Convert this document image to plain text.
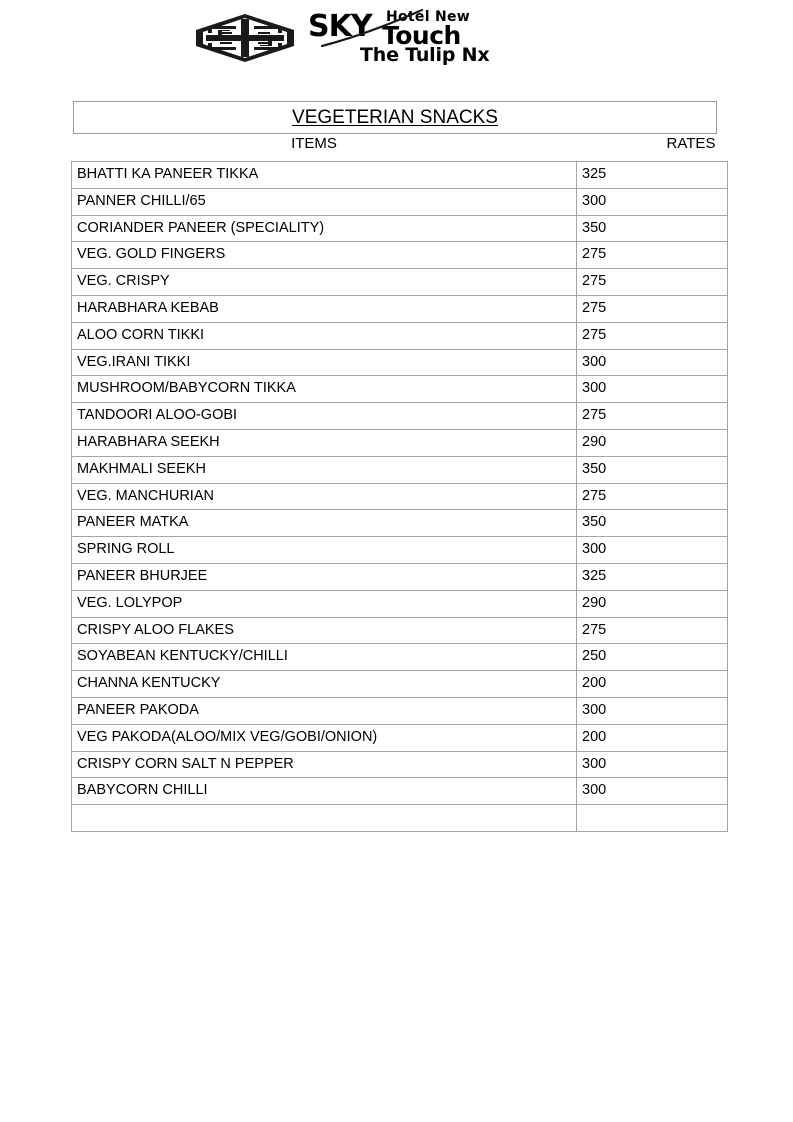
SKY Hotel New
Touch
The Tulip Nx
VEGETERIAN SNACKS
ITEMS	RATES
BHATTI KA PANEER TIKKA	325
PANNER CHILLI/65	300
CORIANDER PANEER (SPECIALITY)	350
VEG. GOLD FINGERS	275
VEG. CRISPY	275
HARABHARA KEBAB	275
ALOO CORN TIKKI	275
VEG.IRANI TIKKI	300
MUSHROOM/BABYCORN TIKKA	300
TANDOORI ALOO-GOBI	275
HARABHARA SEEKH	290
MAKHMALI SEEKH	350
VEG. MANCHURIAN	275
PANEER MATKA	350
SPRING ROLL	300
PANEER BHURJEE	325
VEG. LOLYPOP	290
CRISPY ALOO FLAKES	275
SOYABEAN KENTUCKY/CHILLI	250
CHANNA KENTUCKY	200
PANEER PAKODA	300
VEG PAKODA(ALOO/MIX VEG/GOBI/ONION)	200
CRISPY CORN SALT N PEPPER	300
BABYCORN CHILLI	300
